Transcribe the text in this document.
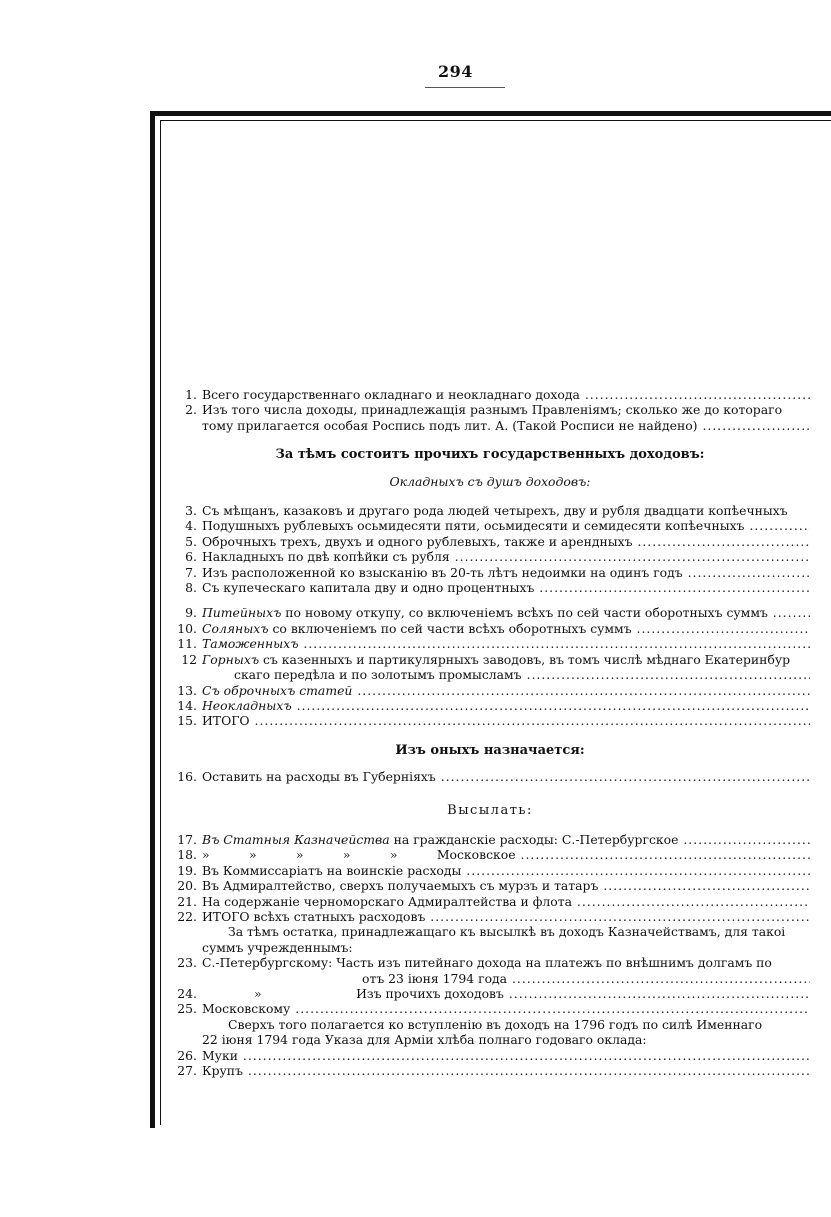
294
1. Всего государственнаго окладнаго и неокладнаго дохода .....
2. Изъ того числа доходы, принадлежащія разнымъ Правленіямъ; сколько же до котораго
тому прилагается особая Роспись подъ лит. А. (Такой Росписи не найдено) .....
За тѣмъ состоитъ прочихъ государственныхъ доходовъ:
Окладныхъ съ душъ доходовъ:
3. Съ мѣщанъ, казаковъ и другаго рода людей четырехъ, дву и рубля двадцати копѣечныхъ
4. Подушныхъ рублевыхъ осьмидесяти пяти, осьмидесяти и семидесяти копѣечныхъ .....
5. Оброчныхъ трехъ, двухъ и одного рублевыхъ, также и арендныхъ .....
6. Накладныхъ по двѣ копѣйки съ рубля .....
7. Изъ расположенной ко взысканію въ 20-ть лѣтъ недоимки на одинъ годъ .....
8. Съ купеческаго капитала дву и одно процентныхъ .....
9. Питейныхъ по новому откупу, со включеніемъ всѣхъ по сей части оборотныхъ суммъ .....
10. Соляныхъ со включеніемъ по сей части всѣхъ оборотныхъ суммъ .....
11. Таможенныхъ .....
12 Горныхъ съ казенныхъ и партикулярныхъ заводовъ, въ томъ числѣ мѣднаго Екатеринбур
скаго передѣла и по золотымъ промысламъ .....
13. Съ оброчныхъ статей .....
14. Неокладныхъ .....
15. ИТОГО .....
Изъ оныхъ назначается:
16. Оставить на расходы въ Губерніяхъ .....
Высылать:
17. Въ Статныя Казначейства на гражданскіе расходы: С.-Петербургское .....
18. »          »          »          »          »          Московское .....
19. Въ Коммиссаріатъ на воинскіе расходы .....
20. Въ Адмиралтейство, сверхъ получаемыхъ съ мурзъ и татаръ .....
21. На содержаніе черноморскаго Адмиралтейства и флота .....
22. ИТОГО всѣхъ статныхъ расходовъ .....
За тѣмъ остатка, принадлежащаго къ высылкѣ въ доходъ Казначействамъ, для такоі
суммъ учрежденнымъ:
23. С.-Петербургскому: Часть изъ питейнаго дохода на платежъ по внѣшнимъ долгамъ по
отъ 23 іюня 1794 года .....
24.	»                        Изъ прочихъ доходовъ .....
25. Московскому .....
Сверхъ того полагается ко вступленію въ доходъ на 1796 годъ по силѣ Именнаго
22 іюня 1794 года Указа для Арміи хлѣба полнаго годоваго оклада:
26. Муки .....
27. Крупъ .....
